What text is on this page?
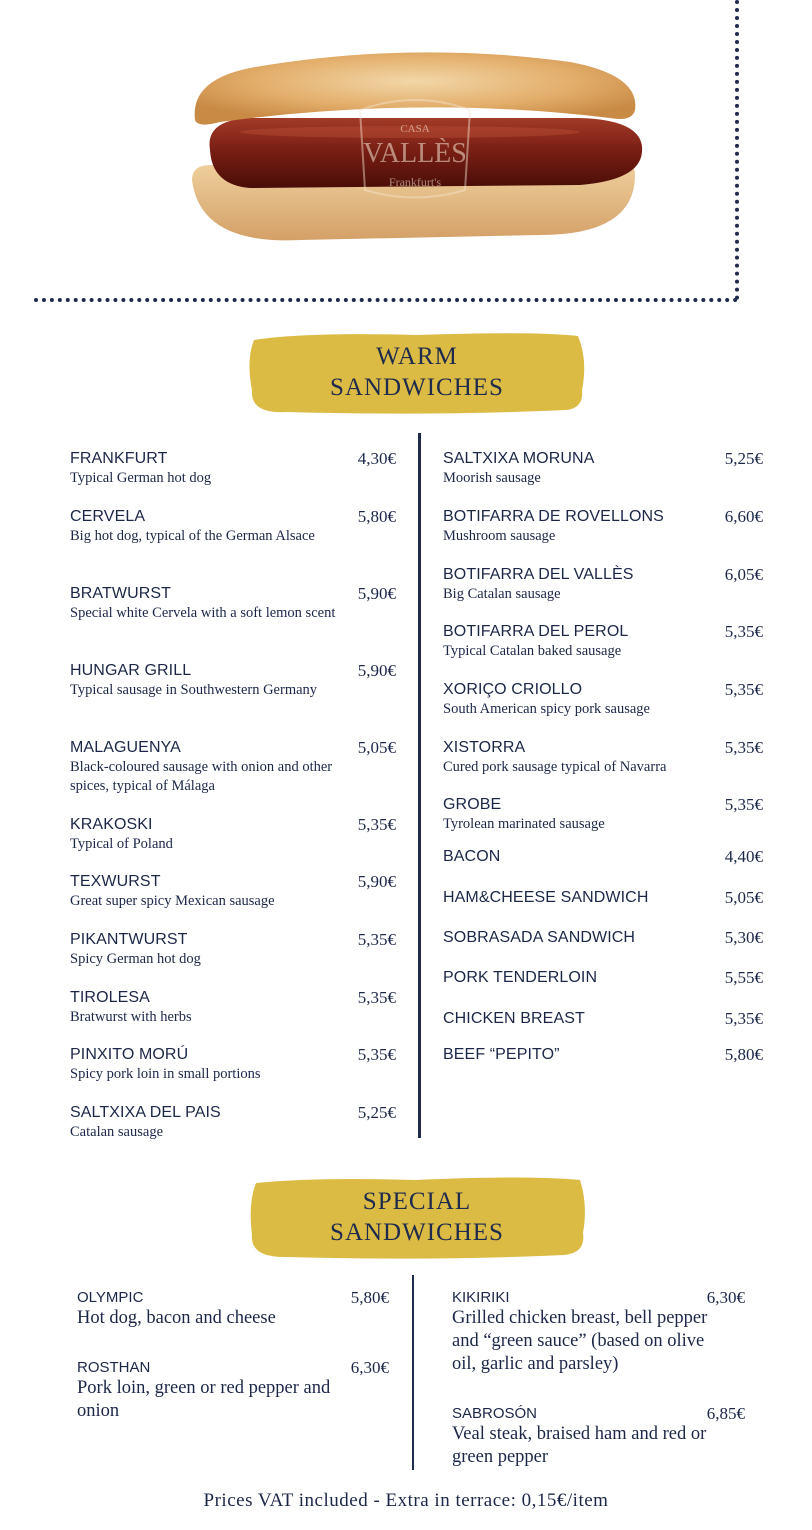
CASA
VALLÈS
Frankfurt's
WARM
SANDWICHES
FRANKFURT	4,30€
Typical German hot dog
CERVELA	5,80€
Big hot dog, typical of the German Alsace
BRATWURST	5,90€
Special white Cervela with a soft lemon scent
HUNGAR GRILL	5,90€
Typical sausage in Southwestern Germany
MALAGUENYA	5,05€
Black-coloured sausage with onion and other spices, typical of Málaga
KRAKOSKI	5,35€
Typical of Poland
TEXWURST	5,90€
Great super spicy Mexican sausage
PIKANTWURST	5,35€
Spicy German hot dog
TIROLESA	5,35€
Bratwurst with herbs
PINXITO MORÚ	5,35€
Spicy pork loin in small portions
SALTXIXA DEL PAIS	5,25€
Catalan sausage
SALTXIXA MORUNA	5,25€
Moorish sausage
BOTIFARRA DE ROVELLONS	6,60€
Mushroom sausage
BOTIFARRA DEL VALLÈS	6,05€
Big Catalan sausage
BOTIFARRA DEL PEROL	5,35€
Typical Catalan baked sausage
XORIÇO CRIOLLO	5,35€
South American spicy pork sausage
XISTORRA	5,35€
Cured pork sausage typical of Navarra
GROBE	5,35€
Tyrolean marinated sausage
BACON	4,40€
HAM&CHEESE SANDWICH	5,05€
SOBRASADA SANDWICH	5,30€
PORK TENDERLOIN	5,55€
CHICKEN BREAST	5,35€
BEEF “PEPITO”	5,80€
SPECIAL
SANDWICHES
OLYMPIC	5,80€
Hot dog, bacon and cheese
ROSTHAN	6,30€
Pork loin, green or red pepper and onion
KIKIRIKI	6,30€
Grilled chicken breast, bell pepper and “green sauce” (based on olive oil, garlic and parsley)
SABROSÓN	6,85€
Veal steak, braised ham and red or green pepper
Prices VAT included - Extra in terrace: 0,15€/item
